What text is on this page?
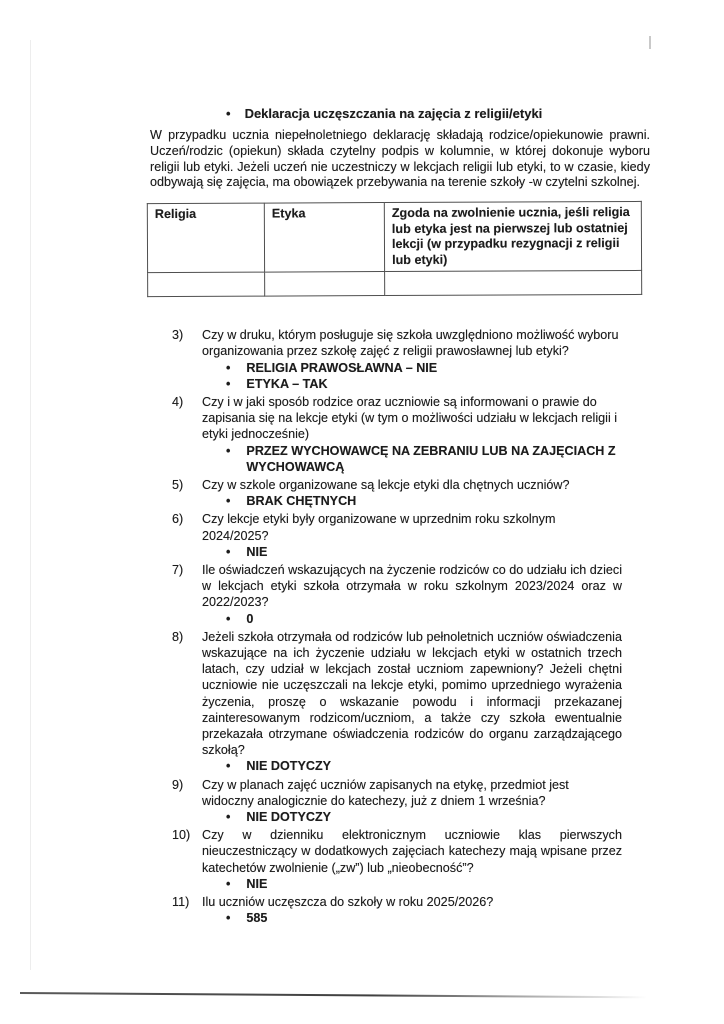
• Deklaracja uczęszczania na zajęcia z religii/etyki
W przypadku ucznia niepełnoletniego deklarację składają rodzice/opiekunowie prawni. Uczeń/rodzic (opiekun) składa czytelny podpis w kolumnie, w której dokonuje wyboru religii lub etyki. Jeżeli uczeń nie uczestniczy w lekcjach religii lub etyki, to w czasie, kiedy odbywają się zajęcia, ma obowiązek przebywania na terenie szkoły -w czytelni szkolnej.
Religia	Etyka	Zgoda na zwolnienie ucznia, jeśli religia lub etyka jest na pierwszej lub ostatniej lekcji (w przypadku rezygnacji z religii lub etyki)

3)	Czy w druku, którym posługuje się szkoła uwzględniono możliwość wyboru organizowania przez szkołę zajęć z religii prawosławnej lub etyki?
• RELIGIA PRAWOSŁAWNA – NIE
• ETYKA – TAK
4)	Czy i w jaki sposób rodzice oraz uczniowie są informowani o prawie do zapisania się na lekcje etyki (w tym o możliwości udziału w lekcjach religii i etyki jednocześnie)
• PRZEZ WYCHOWAWCĘ NA ZEBRANIU LUB NA ZAJĘCIACH Z WYCHOWAWCĄ
5)	Czy w szkole organizowane są lekcje etyki dla chętnych uczniów?
• BRAK CHĘTNYCH
6)	Czy lekcje etyki były organizowane w uprzednim roku szkolnym 2024/2025?
• NIE
7)	Ile oświadczeń wskazujących na życzenie rodziców co do udziału ich dzieci w lekcjach etyki szkoła otrzymała w roku szkolnym 2023/2024 oraz w 2022/2023?
• 0
8)	Jeżeli szkoła otrzymała od rodziców lub pełnoletnich uczniów oświadczenia wskazujące na ich życzenie udziału w lekcjach etyki w ostatnich trzech latach, czy udział w lekcjach został uczniom zapewniony? Jeżeli chętni uczniowie nie uczęszczali na lekcje etyki, pomimo uprzedniego wyrażenia życzenia, proszę o wskazanie powodu i informacji przekazanej zainteresowanym rodzicom/uczniom, a także czy szkoła ewentualnie przekazała otrzymane oświadczenia rodziców do organu zarządzającego szkołą?
• NIE DOTYCZY
9)	Czy w planach zajęć uczniów zapisanych na etykę, przedmiot jest widoczny analogicznie do katechezy, już z dniem 1 września?
• NIE DOTYCZY
10) Czy w dzienniku elektronicznym uczniowie klas pierwszych nieuczestniczący w dodatkowych zajęciach katechezy mają wpisane przez katechetów zwolnienie („zw”) lub „nieobecność”?
• NIE
11)	Ilu uczniów uczęszcza do szkoły w roku 2025/2026?
• 585
